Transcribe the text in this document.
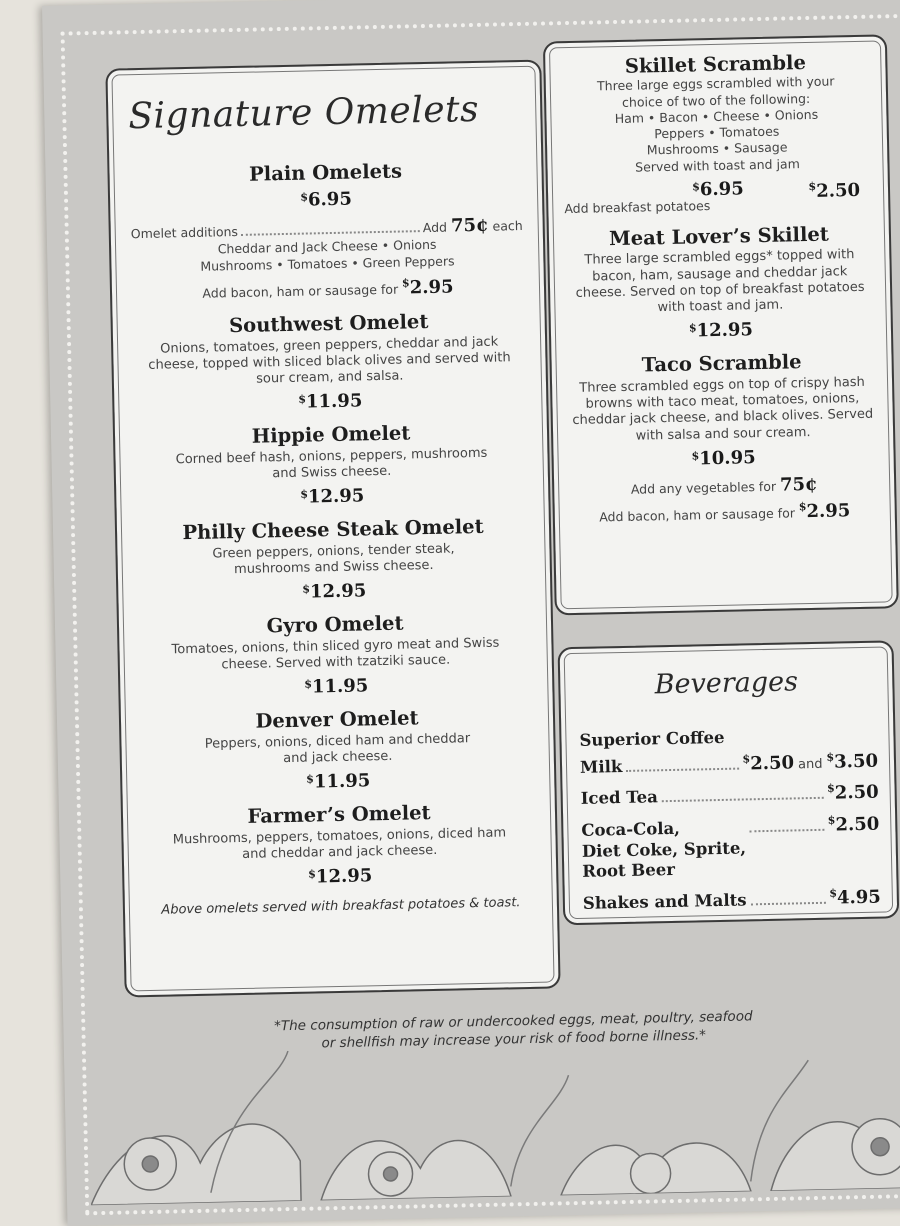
Signature Omelets
Plain Omelets
$6.95
Omelet additions	Add
75¢
each
Cheddar and Jack Cheese • Onions
Mushrooms • Tomatoes • Green Peppers
Add bacon, ham or sausage for $2.95
Southwest Omelet
Onions, tomatoes, green peppers, cheddar and jack cheese, topped with sliced black olives and served with sour cream, and salsa.
$11.95
Hippie Omelet
Corned beef hash, onions, peppers, mushrooms and Swiss cheese.
$12.95
Philly Cheese Steak Omelet
Green peppers, onions, tender steak, mushrooms and Swiss cheese.
$12.95
Gyro Omelet
Tomatoes, onions, thin sliced gyro meat and Swiss cheese. Served with tzatziki sauce.
$11.95
Denver Omelet
Peppers, onions, diced ham and cheddar and jack cheese.
$11.95
Farmer’s Omelet
Mushrooms, peppers, tomatoes, onions, diced ham and cheddar and jack cheese.
$12.95
Above omelets served with breakfast potatoes & toast.
Skillet Scramble
Three large eggs scrambled with your
choice of two of the following:
Ham • Bacon • Cheese • Onions
Peppers • Tomatoes
Mushrooms • Sausage
Served with toast and jam
$6.95
Add breakfast potatoes
$2.50
Meat Lover’s Skillet
Three large scrambled eggs* topped with bacon, ham, sausage and cheddar jack cheese. Served on top of breakfast potatoes with toast and jam.
$12.95
Taco Scramble
Three scrambled eggs on top of crispy hash browns with taco meat, tomatoes, onions, cheddar jack cheese, and black olives. Served with salsa and sour cream.
$10.95
Add any vegetables for 75¢
Add bacon, ham or sausage for $2.95
Beverages
Superior Coffee
Milk	$2.50 and $3.50
Iced Tea	$2.50
Coca-Cola,
Diet Coke, Sprite,
Root Beer
$2.50
Shakes and Malts	$4.95
*The consumption of raw or undercooked eggs, meat, poultry, seafood
or shellfish may increase your risk of food borne illness.*
